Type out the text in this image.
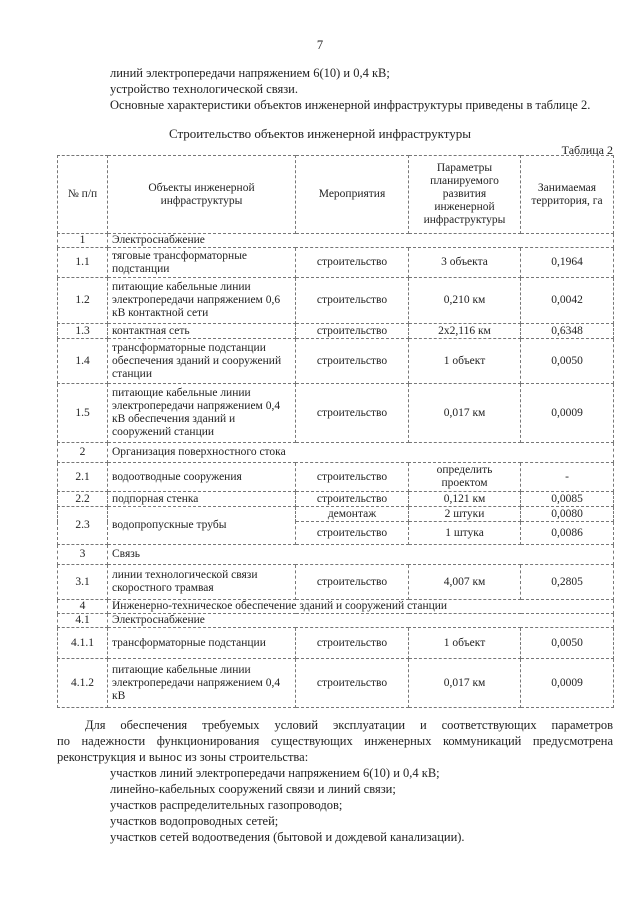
7
линий электропередачи напряжением 6(10) и 0,4 кВ;
устройство технологической связи.
Основные характеристики объектов инженерной инфраструктуры приведены в таблице 2.
Строительство объектов инженерной инфраструктуры
Таблица 2
№ п/п	Объекты инженерной инфраструктуры	Мероприятия	Параметры планируемого развития инженерной инфраструктуры	Занимаемая территория, га
1	Электроснабжение			
1.1	тяговые трансформаторные подстанции	строительство	3 объекта	0,1964
1.2	питающие кабельные линии электропередачи напряжением 0,6 кВ контактной сети	строительство	0,210 км	0,0042
1.3	контактная сеть	строительство	2х2,116 км	0,6348
1.4	трансформаторные подстанции обеспечения зданий и сооружений станции	строительство	1 объект	0,0050
1.5	питающие кабельные линии электропередачи напряжением 0,4 кВ обеспечения зданий и сооружений станции	строительство	0,017 км	0,0009
2	Организация поверхностного стока			
2.1	водоотводные сооружения	строительство	определить проектом	-
2.2	подпорная стенка	строительство	0,121 км	0,0085
2.3	водопропускные трубы	демонтаж	2 штуки	0,0080
		строительство	1 штука	0,0086
3	Связь			
3.1	линии технологической связи скоростного трамвая	строительство	4,007 км	0,2805
4	Инженерно-техническое обеспечение зданий и сооружений станции			
4.1	Электроснабжение			
4.1.1	трансформаторные подстанции	строительство	1 объект	0,0050
4.1.2	питающие кабельные линии электропередачи напряжением 0,4 кВ	строительство	0,017 км	0,0009
Для обеспечения требуемых условий эксплуатации и соответствующих параметров
по надежности функционирования существующих инженерных коммуникаций предусмотрена
реконструкция и вынос из зоны строительства:
участков линий электропередачи напряжением 6(10) и 0,4 кВ;
линейно-кабельных сооружений связи и линий связи;
участков распределительных газопроводов;
участков водопроводных сетей;
участков сетей водоотведения (бытовой и дождевой канализации).
